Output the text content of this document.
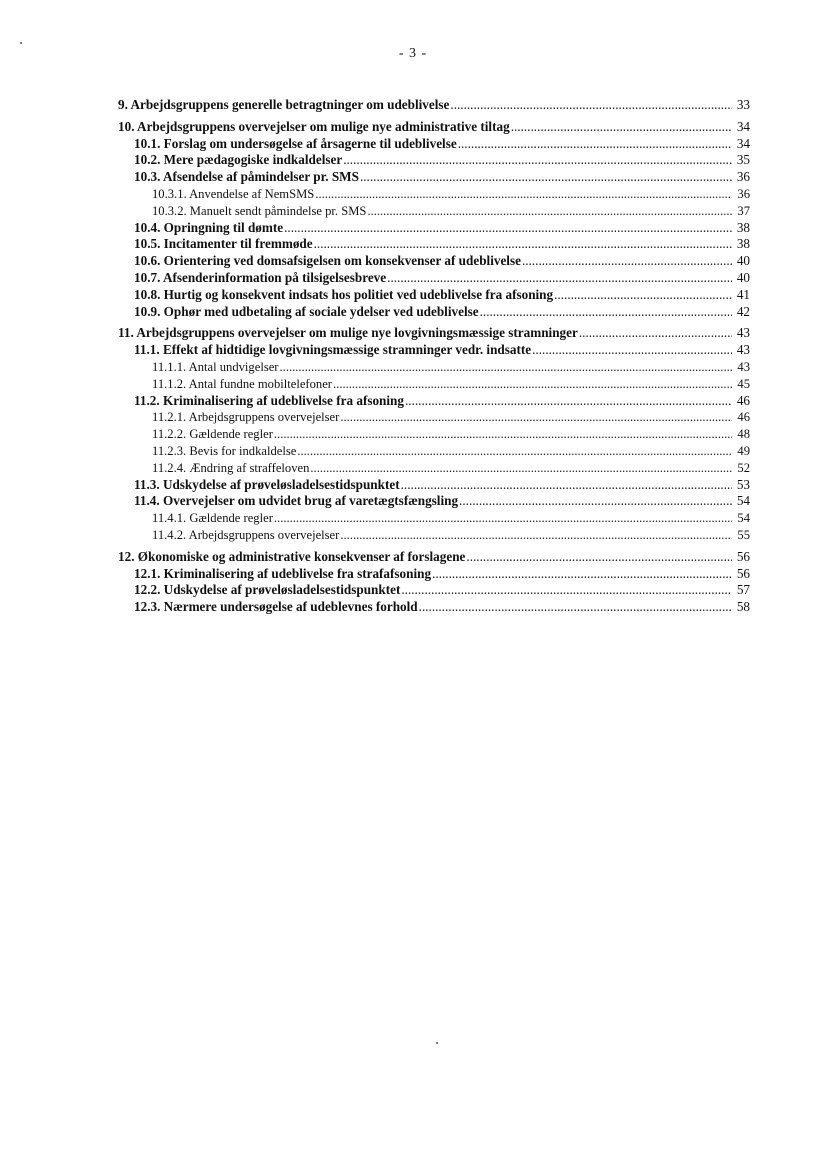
- 3 -
9. Arbejdsgruppens generelle betragtninger om udeblivelse .....	33
10. Arbejdsgruppens overvejelser om mulige nye administrative tiltag .....	34
10.1. Forslag om undersøgelse af årsagerne til udeblivelse .....	34
10.2. Mere pædagogiske indkaldelser .....	35
10.3. Afsendelse af påmindelser pr. SMS .....	36
10.3.1. Anvendelse af NemSMS .....	36
10.3.2. Manuelt sendt påmindelse pr. SMS .....	37
10.4. Opringning til dømte .....	38
10.5. Incitamenter til fremmøde .....	38
10.6. Orientering ved domsafsigelsen om konsekvenser af udeblivelse .....	40
10.7. Afsenderinformation på tilsigelsesbreve .....	40
10.8. Hurtig og konsekvent indsats hos politiet ved udeblivelse fra afsoning .....	41
10.9. Ophør med udbetaling af sociale ydelser ved udeblivelse .....	42
11. Arbejdsgruppens overvejelser om mulige nye lovgivningsmæssige stramninger .....	43
11.1. Effekt af hidtidige lovgivningsmæssige stramninger vedr. indsatte .....	43
11.1.1. Antal undvigelser .....	43
11.1.2. Antal fundne mobiltelefoner .....	45
11.2. Kriminalisering af udeblivelse fra afsoning .....	46
11.2.1. Arbejdsgruppens overvejelser .....	46
11.2.2. Gældende regler .....	48
11.2.3. Bevis for indkaldelse .....	49
11.2.4. Ændring af straffeloven .....	52
11.3. Udskydelse af prøveløsladelsestidspunktet .....	53
11.4. Overvejelser om udvidet brug af varetægtsfængsling .....	54
11.4.1. Gældende regler .....	54
11.4.2. Arbejdsgruppens overvejelser .....	55
12. Økonomiske og administrative konsekvenser af forslagene .....	56
12.1. Kriminalisering af udeblivelse fra strafafsoning .....	56
12.2. Udskydelse af prøveløsladelsestidspunktet .....	57
12.3. Nærmere undersøgelse af udeblevnes forhold .....	58
